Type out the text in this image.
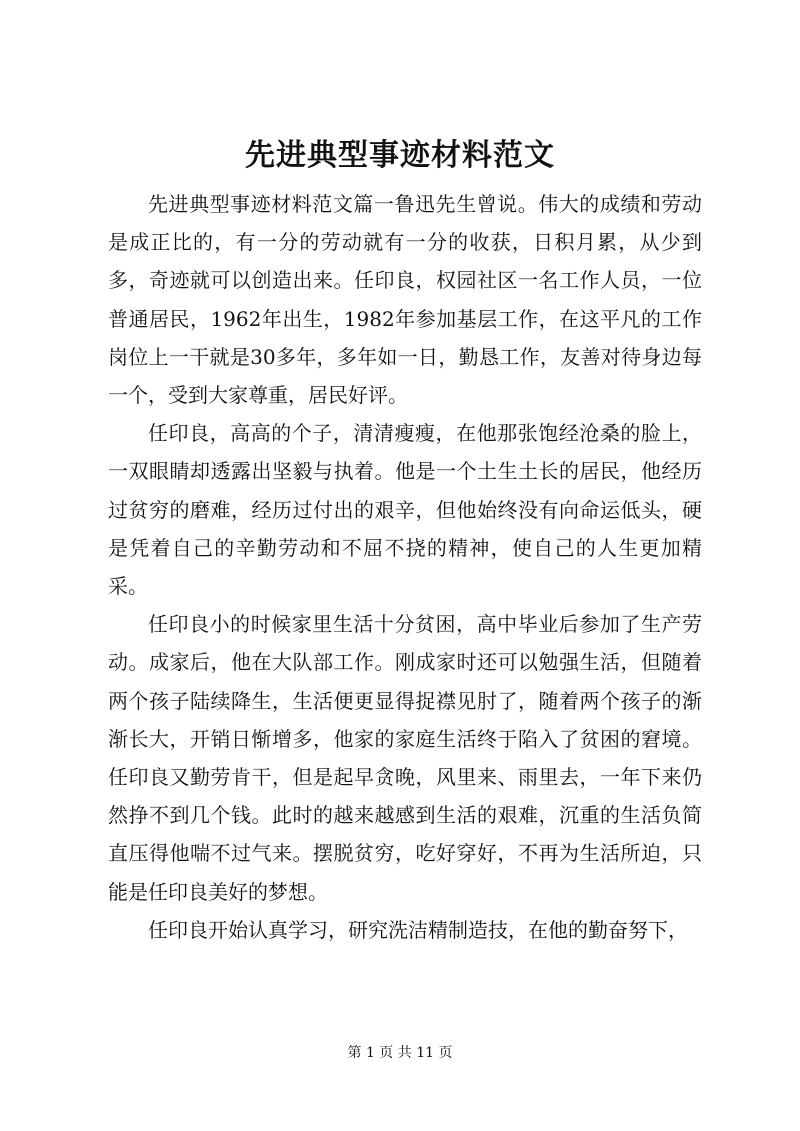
先进典型事迹材料范文

先进典型事迹材料范文篇一鲁迅先生曾说。伟大的成绩和劳动是成正比的，有一分的劳动就有一分的收获，日积月累，从少到多，奇迹就可以创造出来。任印良，权园社区一名工作人员，一位普通居民，1962年出生，1982年参加基层工作，在这平凡的工作岗位上一干就是30多年，多年如一日，勤恳工作，友善对待身边每一个，受到大家尊重，居民好评。

任印良，高高的个子，清清瘦瘦，在他那张饱经沧桑的脸上，一双眼睛却透露出坚毅与执着。他是一个土生土长的居民，他经历过贫穷的磨难，经历过付出的艰辛，但他始终没有向命运低头，硬是凭着自己的辛勤劳动和不屈不挠的精神，使自己的人生更加精采。

任印良小的时候家里生活十分贫困，高中毕业后参加了生产劳动。成家后，他在大队部工作。刚成家时还可以勉强生活，但随着两个孩子陆续降生，生活便更显得捉襟见肘了，随着两个孩子的渐渐长大，开销日惭增多，他家的家庭生活终于陷入了贫困的窘境。任印良又勤劳肯干，但是起早贪晚，风里来、雨里去，一年下来仍然挣不到几个钱。此时的越来越感到生活的艰难，沉重的生活负简直压得他喘不过气来。摆脱贫穷，吃好穿好，不再为生活所迫，只能是任印良美好的梦想。

任印良开始认真学习，研究洗洁精制造技，在他的勤奋努下，

第 1 页 共 11 页
